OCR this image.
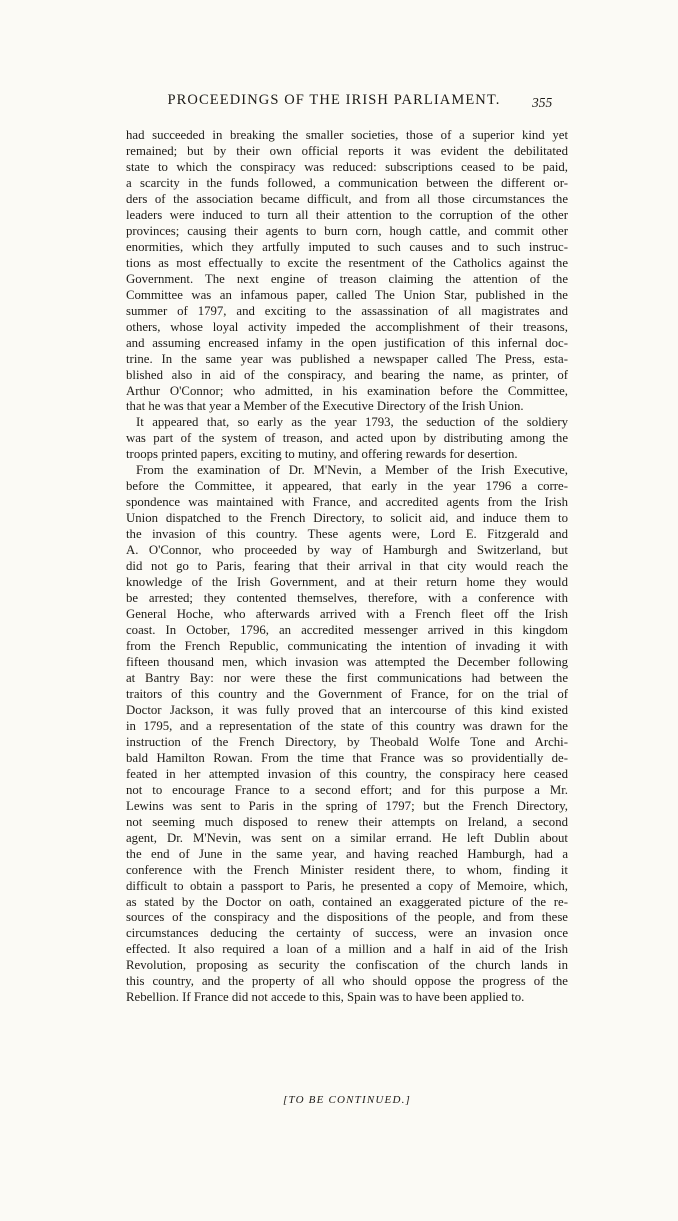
PROCEEDINGS OF THE IRISH PARLIAMENT.	355
had succeeded in breaking the smaller societies, those of a superior kind yet
remained; but by their own official reports it was evident the debilitated
state to which the conspiracy was reduced: subscriptions ceased to be paid,
a scarcity in the funds followed, a communication between the different or-
ders of the association became difficult, and from all those circumstances the
leaders were induced to turn all their attention to the corruption of the other
provinces; causing their agents to burn corn, hough cattle, and commit other
enormities, which they artfully imputed to such causes and to such instruc-
tions as most effectually to excite the resentment of the Catholics against the
Government. The next engine of treason claiming the attention of the
Committee was an infamous paper, called The Union Star, published in the
summer of 1797, and exciting to the assassination of all magistrates and
others, whose loyal activity impeded the accomplishment of their treasons,
and assuming encreased infamy in the open justification of this infernal doc-
trine. In the same year was published a newspaper called The Press, esta-
blished also in aid of the conspiracy, and bearing the name, as printer, of
Arthur O'Connor; who admitted, in his examination before the Committee,
that he was that year a Member of the Executive Directory of the Irish Union.
It appeared that, so early as the year 1793, the seduction of the soldiery
was part of the system of treason, and acted upon by distributing among the
troops printed papers, exciting to mutiny, and offering rewards for desertion.
From the examination of Dr. M'Nevin, a Member of the Irish Executive,
before the Committee, it appeared, that early in the year 1796 a corre-
spondence was maintained with France, and accredited agents from the Irish
Union dispatched to the French Directory, to solicit aid, and induce them to
the invasion of this country. These agents were, Lord E. Fitzgerald and
A. O'Connor, who proceeded by way of Hamburgh and Switzerland, but
did not go to Paris, fearing that their arrival in that city would reach the
knowledge of the Irish Government, and at their return home they would
be arrested; they contented themselves, therefore, with a conference with
General Hoche, who afterwards arrived with a French fleet off the Irish
coast. In October, 1796, an accredited messenger arrived in this kingdom
from the French Republic, communicating the intention of invading it with
fifteen thousand men, which invasion was attempted the December following
at Bantry Bay: nor were these the first communications had between the
traitors of this country and the Government of France, for on the trial of
Doctor Jackson, it was fully proved that an intercourse of this kind existed
in 1795, and a representation of the state of this country was drawn for the
instruction of the French Directory, by Theobald Wolfe Tone and Archi-
bald Hamilton Rowan. From the time that France was so providentially de-
feated in her attempted invasion of this country, the conspiracy here ceased
not to encourage France to a second effort; and for this purpose a Mr.
Lewins was sent to Paris in the spring of 1797; but the French Directory,
not seeming much disposed to renew their attempts on Ireland, a second
agent, Dr. M'Nevin, was sent on a similar errand. He left Dublin about
the end of June in the same year, and having reached Hamburgh, had a
conference with the French Minister resident there, to whom, finding it
difficult to obtain a passport to Paris, he presented a copy of Memoire, which,
as stated by the Doctor on oath, contained an exaggerated picture of the re-
sources of the conspiracy and the dispositions of the people, and from these
circumstances deducing the certainty of success, were an invasion once
effected. It also required a loan of a million and a half in aid of the Irish
Revolution, proposing as security the confiscation of the church lands in
this country, and the property of all who should oppose the progress of the
Rebellion. If France did not accede to this, Spain was to have been applied to.
[TO BE CONTINUED.]
